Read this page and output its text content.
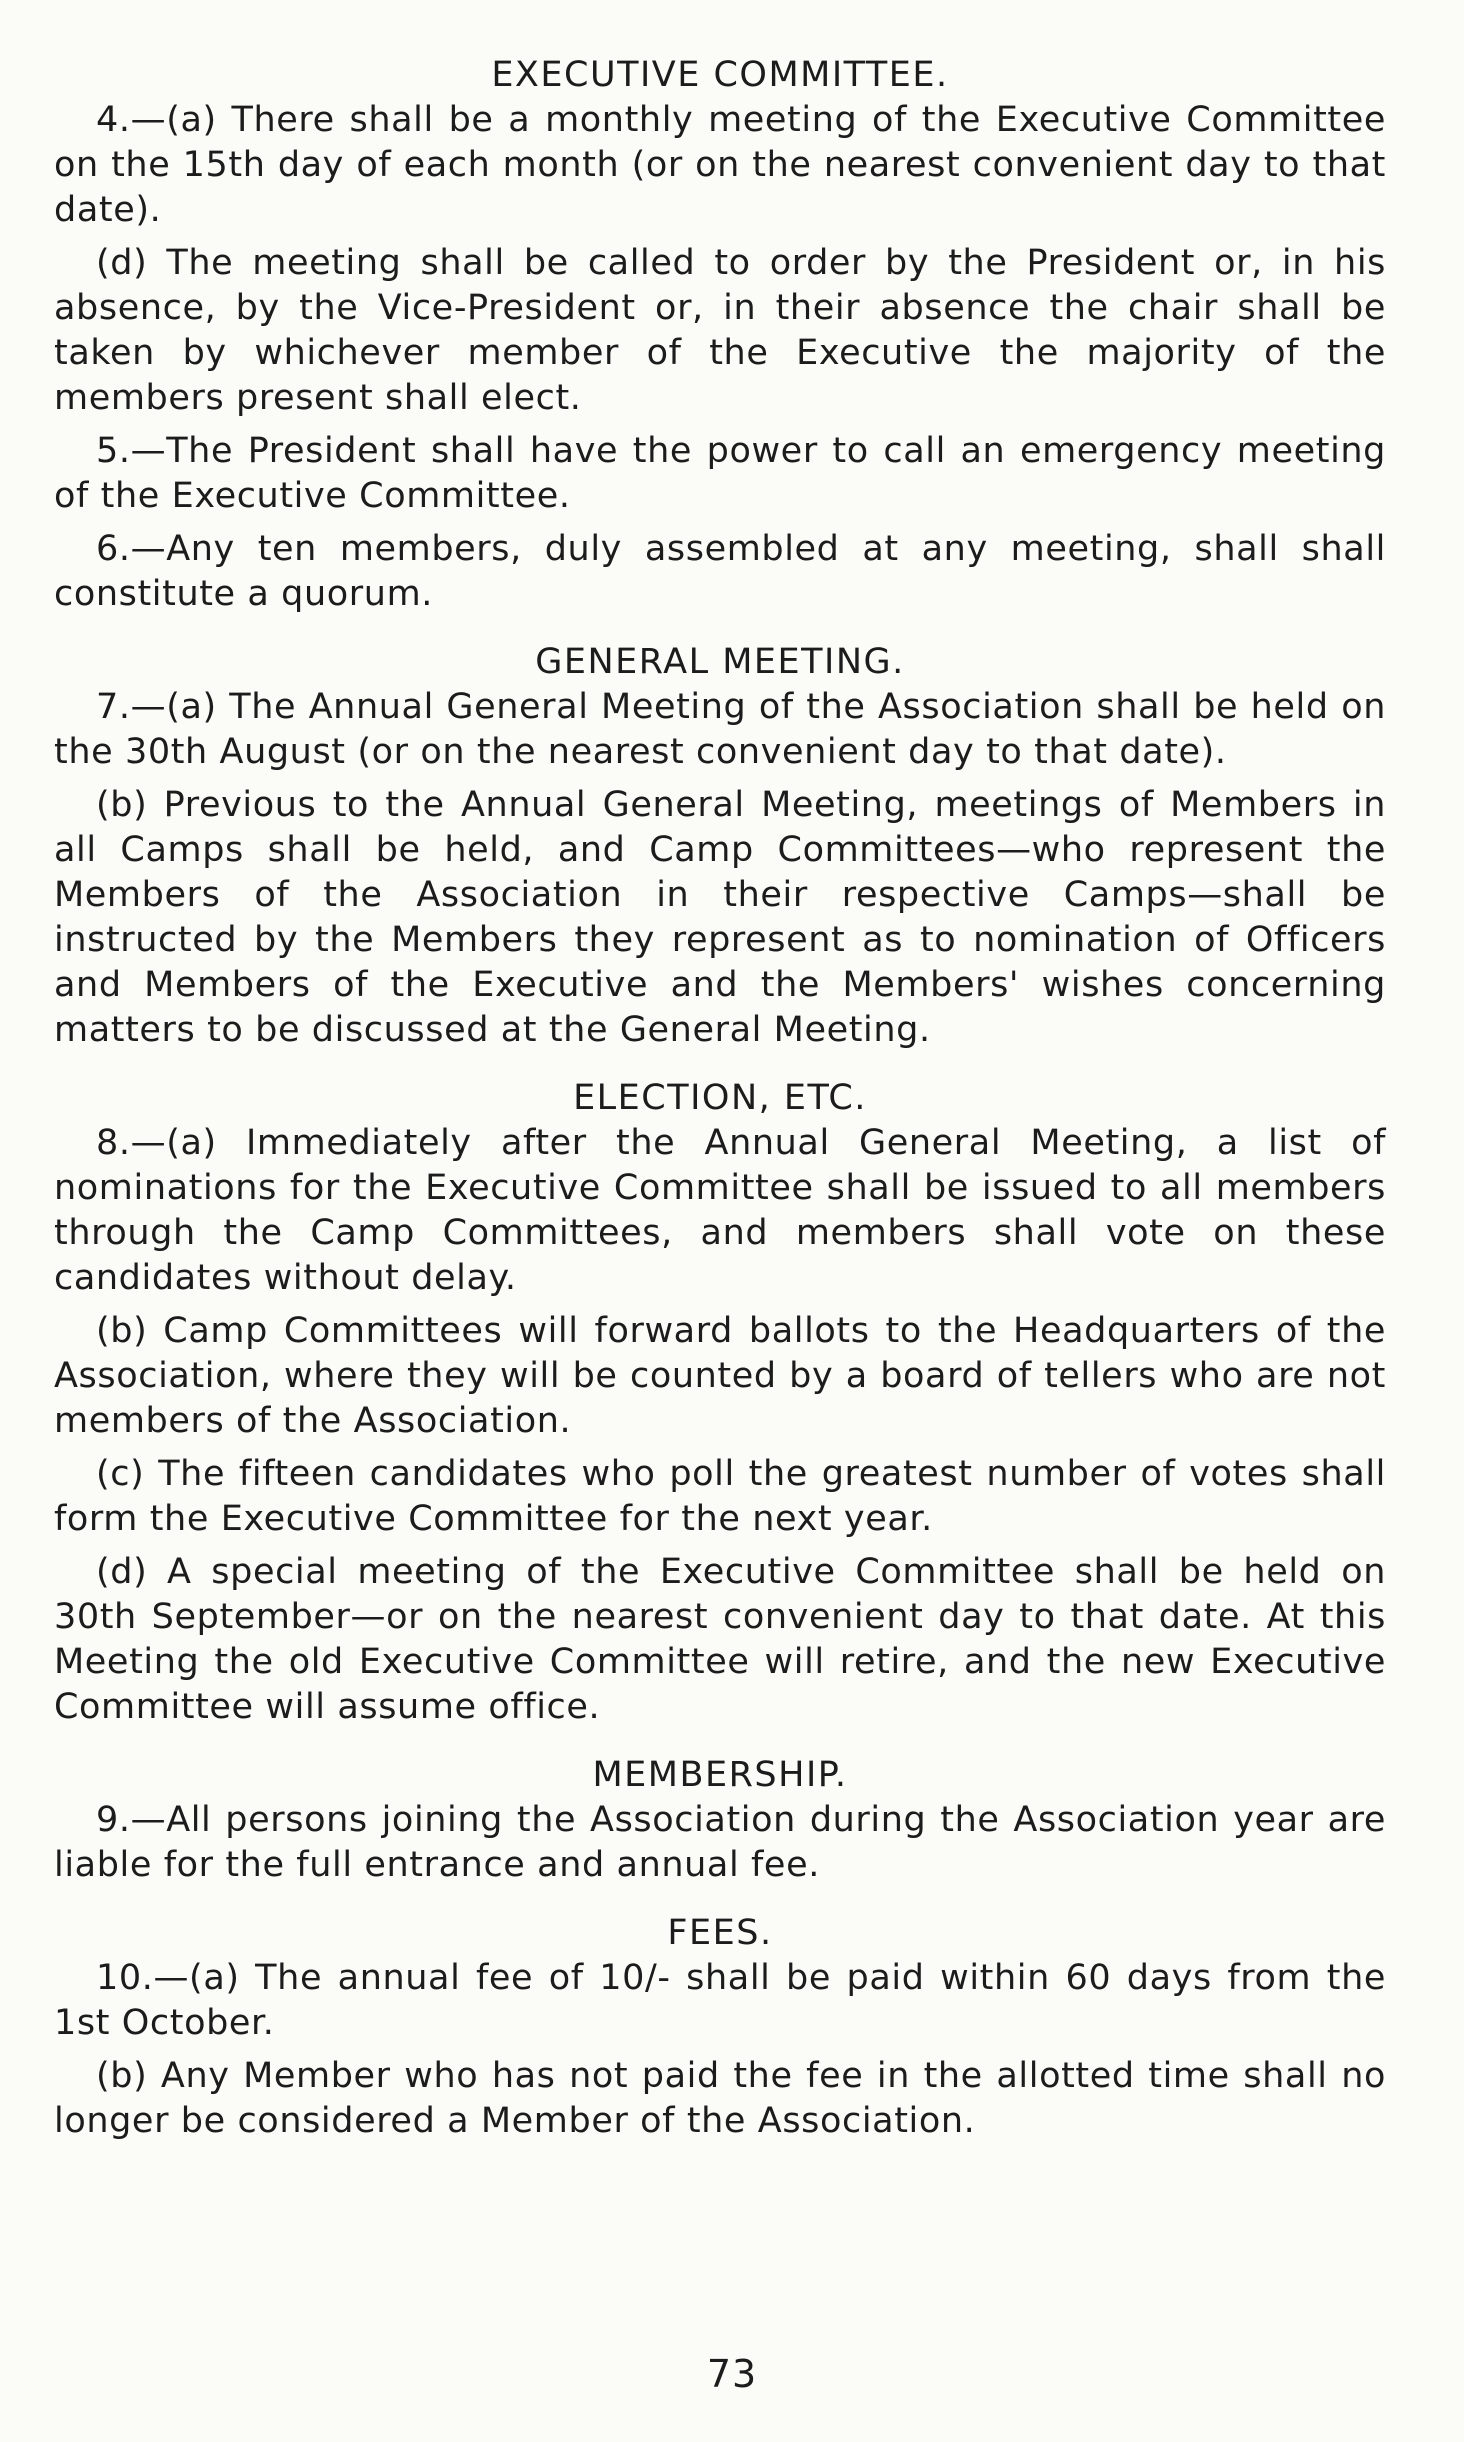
EXECUTIVE COMMITTEE.

4.—(a) There shall be a monthly meeting of the Executive Committee on the 15th day of each month (or on the nearest convenient day to that date).

(d) The meeting shall be called to order by the President or, in his absence, by the Vice-President or, in their absence the chair shall be taken by whichever member of the Executive the majority of the members present shall elect.

5.—The President shall have the power to call an emergency meeting of the Executive Committee.

6.—Any ten members, duly assembled at any meeting, shall shall constitute a quorum.

GENERAL MEETING.

7.—(a) The Annual General Meeting of the Association shall be held on the 30th August (or on the nearest convenient day to that date).

(b) Previous to the Annual General Meeting, meetings of Members in all Camps shall be held, and Camp Committees—who represent the Members of the Association in their respective Camps—shall be instructed by the Members they represent as to nomination of Officers and Members of the Executive and the Members' wishes concerning matters to be discussed at the General Meeting.

ELECTION, ETC.

8.—(a) Immediately after the Annual General Meeting, a list of nominations for the Executive Committee shall be issued to all members through the Camp Committees, and members shall vote on these candidates without delay.

(b) Camp Committees will forward ballots to the Headquarters of the Association, where they will be counted by a board of tellers who are not members of the Association.

(c) The fifteen candidates who poll the greatest number of votes shall form the Executive Committee for the next year.

(d) A special meeting of the Executive Committee shall be held on 30th September—or on the nearest convenient day to that date. At this Meeting the old Executive Committee will retire, and the new Executive Committee will assume office.

MEMBERSHIP.

9.—All persons joining the Association during the Association year are liable for the full entrance and annual fee.

FEES.

10.—(a) The annual fee of 10/- shall be paid within 60 days from the 1st October.

(b) Any Member who has not paid the fee in the allotted time shall no longer be considered a Member of the Association.

73
